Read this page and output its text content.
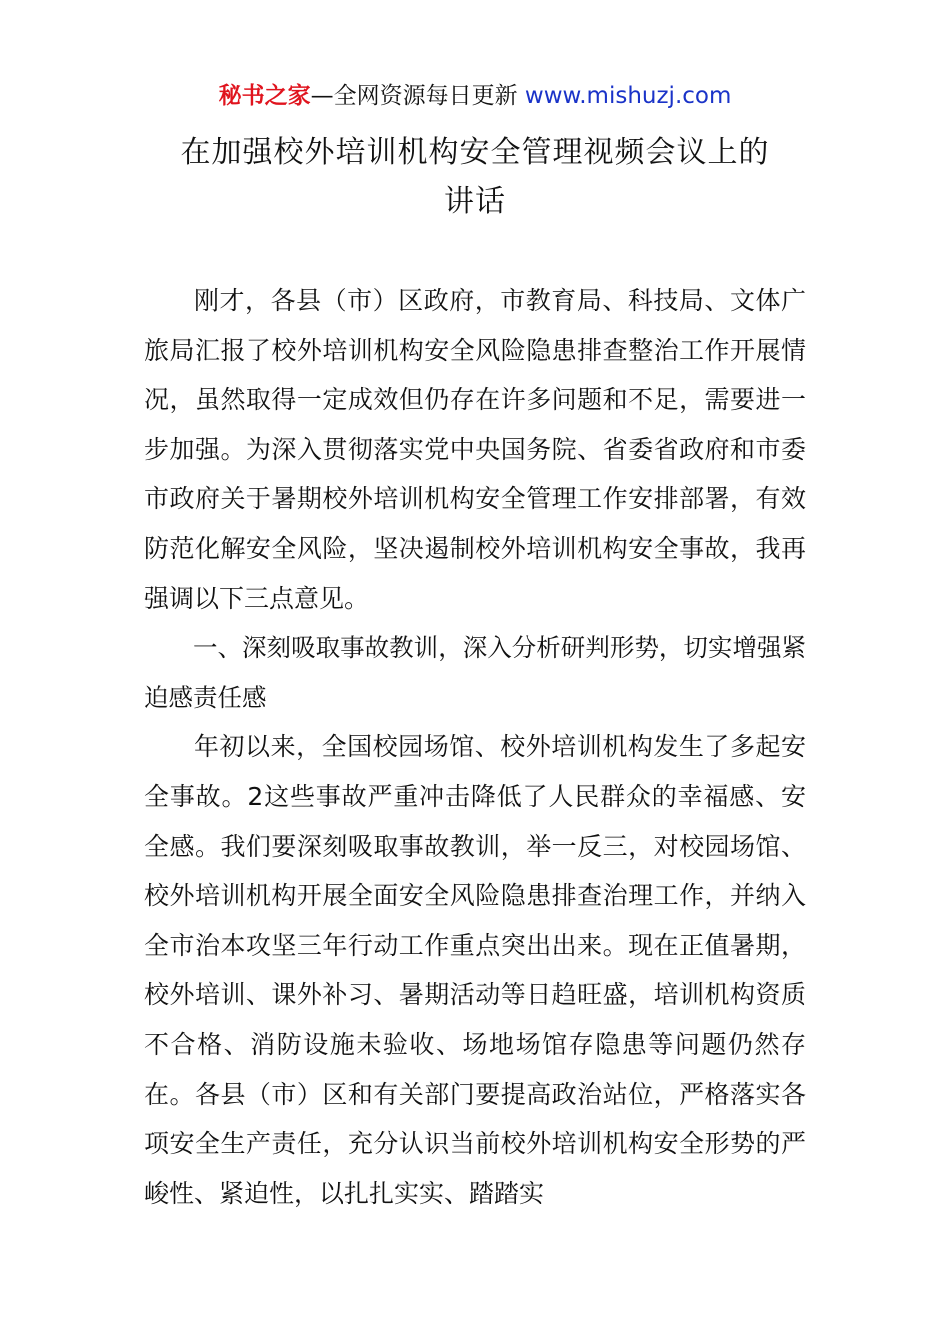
秘书之家—全网资源每日更新 www.mishuzj.com
在加强校外培训机构安全管理视频会议上的
讲话

刚才，各县（市）区政府，市教育局、科技局、文体广旅局汇报了校外培训机构安全风险隐患排查整治工作开展情况，虽然取得一定成效但仍存在许多问题和不足，需要进一步加强。为深入贯彻落实党中央国务院、省委省政府和市委市政府关于暑期校外培训机构安全管理工作安排部署，有效防范化解安全风险，坚决遏制校外培训机构安全事故，我再强调以下三点意见。

一、深刻吸取事故教训，深入分析研判形势，切实增强紧迫感责任感

年初以来，全国校园场馆、校外培训机构发生了多起安全事故。2这些事故严重冲击降低了人民群众的幸福感、安全感。我们要深刻吸取事故教训，举一反三，对校园场馆、校外培训机构开展全面安全风险隐患排查治理工作，并纳入全市治本攻坚三年行动工作重点突出出来。现在正值暑期，校外培训、课外补习、暑期活动等日趋旺盛，培训机构资质不合格、消防设施未验收、场地场馆存隐患等问题仍然存在。各县（市）区和有关部门要提高政治站位，严格落实各项安全生产责任，充分认识当前校外培训机构安全形势的严峻性、紧迫性，以扎扎实实、踏踏实
